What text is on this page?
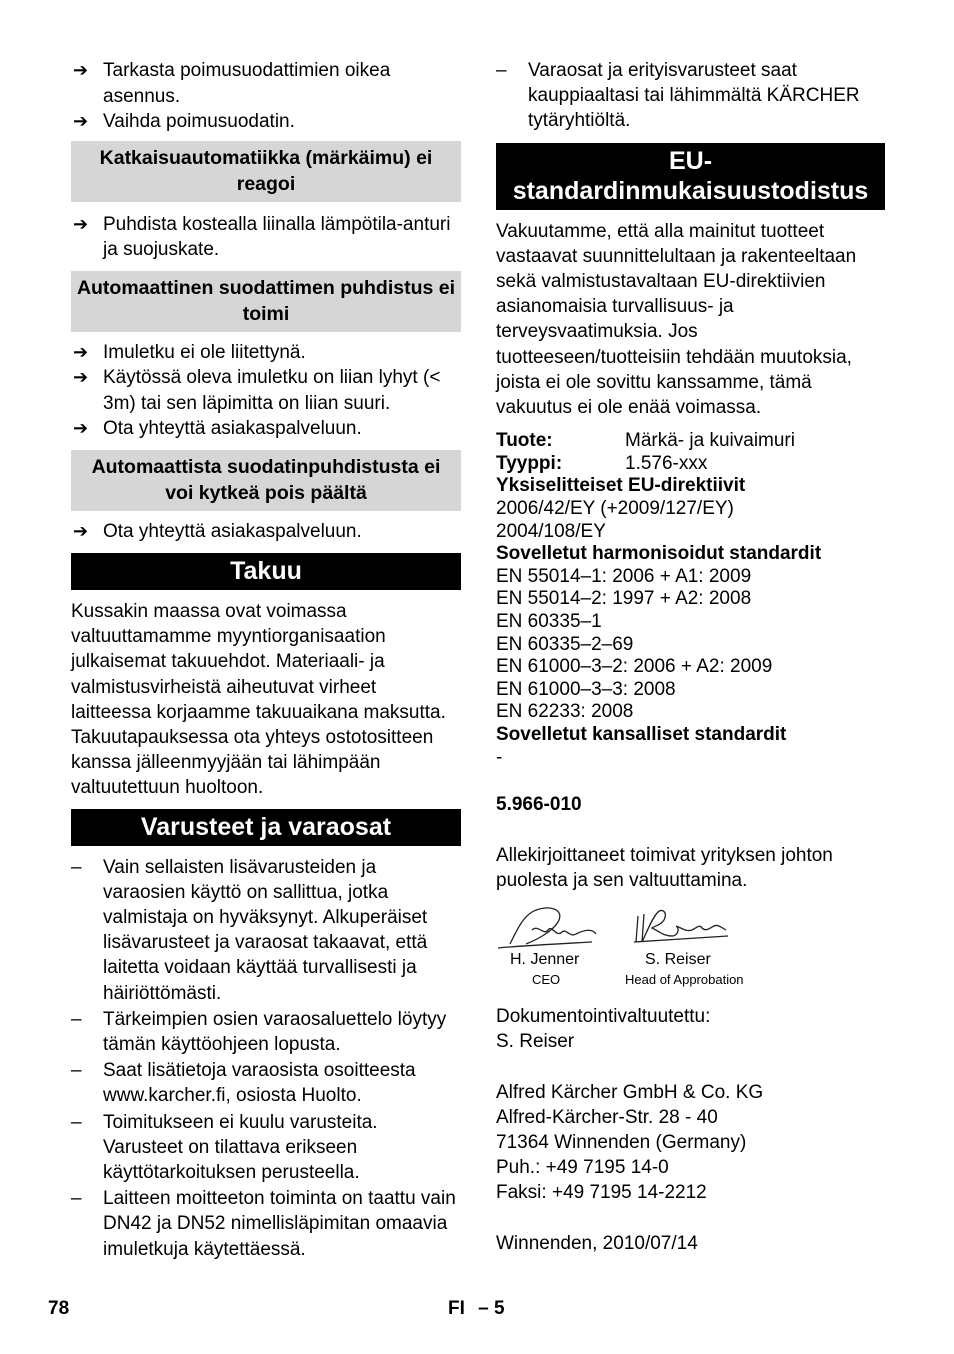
➔ Tarkasta poimusuodattimien oikea asennus.
➔ Vaihda poimusuodatin.
Katkaisuautomatiikka (märkäimu) ei reagoi
➔ Puhdista kostealla liinalla lämpötila-anturi ja suojuskate.
Automaattinen suodattimen puhdistus ei toimi
➔ Imuletku ei ole liitettynä.
➔ Käytössä oleva imuletku on liian lyhyt (< 3m) tai sen läpimitta on liian suuri.
➔ Ota yhteyttä asiakaspalveluun.
Automaattista suodatinpuhdistusta ei voi kytkeä pois päältä
➔ Ota yhteyttä asiakaspalveluun.
Takuu
Kussakin maassa ovat voimassa valtuuttamamme myyntiorganisaation julkaisemat takuuehdot. Materiaali- ja valmistusvirheistä aiheutuvat virheet laitteessa korjaamme takuuaikana maksutta. Takuutapauksessa ota yhteys ostotositteen kanssa jälleenmyyjään tai lähimpään valtuutettuun huoltoon.
Varusteet ja varaosat
– Vain sellaisten lisävarusteiden ja varaosien käyttö on sallittua, jotka valmistaja on hyväksynyt. Alkuperäiset lisävarusteet ja varaosat takaavat, että laitetta voidaan käyttää turvallisesti ja häiriöttömästi.
– Tärkeimpien osien varaosaluettelo löytyy tämän käyttöohjeen lopusta.
– Saat lisätietoja varaosista osoitteesta www.karcher.fi, osiosta Huolto.
– Toimitukseen ei kuulu varusteita. Varusteet on tilattava erikseen käyttötarkoituksen perusteella.
– Laitteen moitteeton toiminta on taattu vain DN42 ja DN52 nimellisläpimitan omaavia imuletkuja käytettäessä.
– Varaosat ja erityisvarusteet saat kauppiaaltasi tai lähimmältä KÄRCHER tytäryhtiöltä.
EU-standardinmukaisuustodistus
Vakuutamme, että alla mainitut tuotteet vastaavat suunnittelultaan ja rakenteeltaan sekä valmistustavaltaan EU-direktiivien asianomaisia turvallisuus- ja terveysvaatimuksia. Jos tuotteeseen/tuotteisiin tehdään muutoksia, joista ei ole sovittu kanssamme, tämä vakuutus ei ole enää voimassa.
Tuote:	Märkä- ja kuivaimuri
Tyyppi:	1.576-xxx
Yksiselitteiset EU-direktiivit
2006/42/EY (+2009/127/EY)
2004/108/EY
Sovelletut harmonisoidut standardit
EN 55014–1: 2006 + A1: 2009
EN 55014–2: 1997 + A2: 2008
EN 60335–1
EN 60335–2–69
EN 61000–3–2: 2006 + A2: 2009
EN 61000–3–3: 2008
EN 62233: 2008
Sovelletut kansalliset standardit
-
5.966-010
Allekirjoittaneet toimivat yrityksen johton puolesta ja sen valtuuttamina.
H. Jenner
CEO
S. Reiser
Head of Approbation
Dokumentointivaltuutettu:
S. Reiser
Alfred Kärcher GmbH & Co. KG
Alfred-Kärcher-Str. 28 - 40
71364 Winnenden (Germany)
Puh.: +49 7195 14-0
Faksi: +49 7195 14-2212
Winnenden, 2010/07/14
78	FI – 5
